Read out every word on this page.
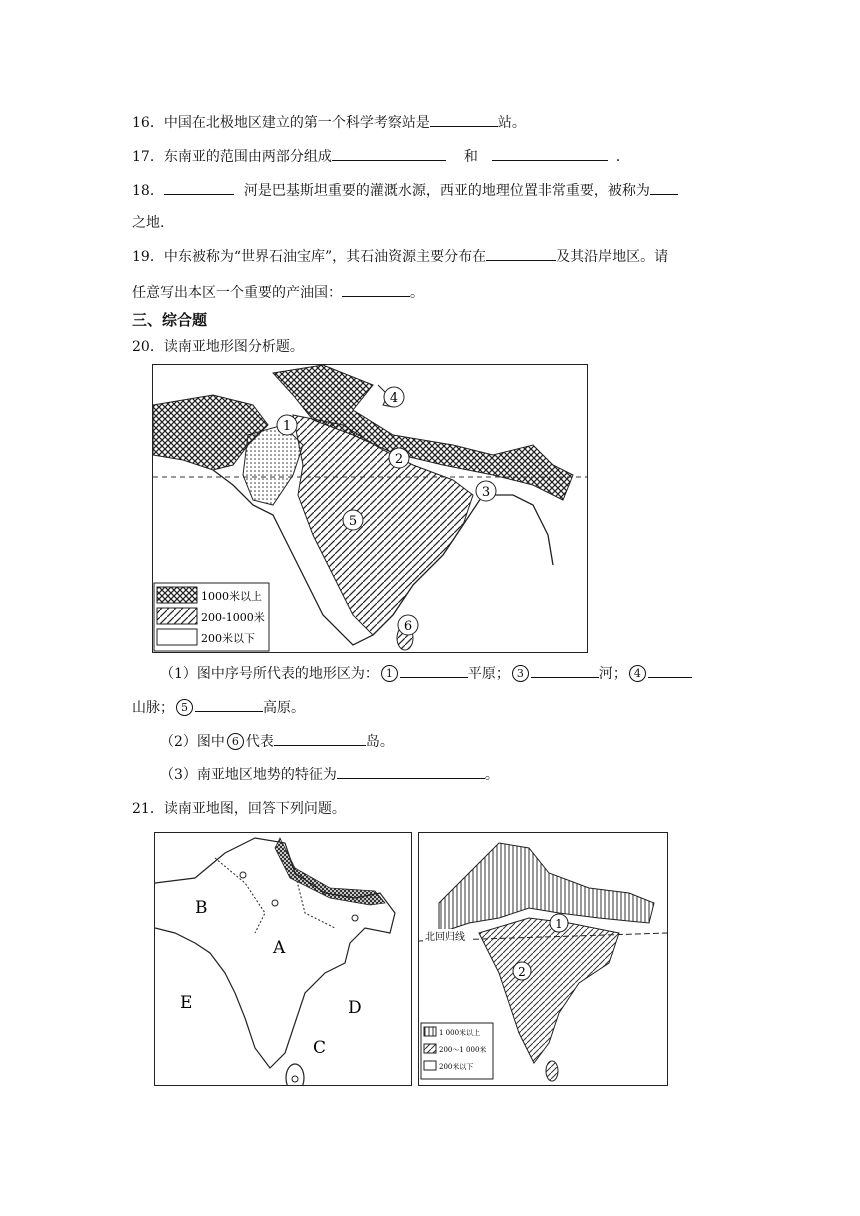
16．中国在北极地区建立的第一个科学考察站是	站。
17．东南亚的范围由两部分组成	和	．
18．	河是巴基斯坦重要的灌溉水源，西亚的地理位置非常重要，被称为
之地.
19．中东被称为“世界石油宝库”，其石油资源主要分布在	及其沿岸地区。请
任意写出本区一个重要的产油国：	。
三、综合题
20．读南亚地形图分析题。
1
2
3
4
5
6
1000米以上
200-1000米
200米以下
（1）图中序号所代表的地形区为： 1	平原； 3	河； 4
山脉； 5	高原。
（2）图中 6 代表	岛。
（3）南亚地区地势的特征为	。
21．读南亚地图，回答下列问题。
B
A
E	D
C
北回归线
1
2
1 000米以上
200～1 000米
200米以下
